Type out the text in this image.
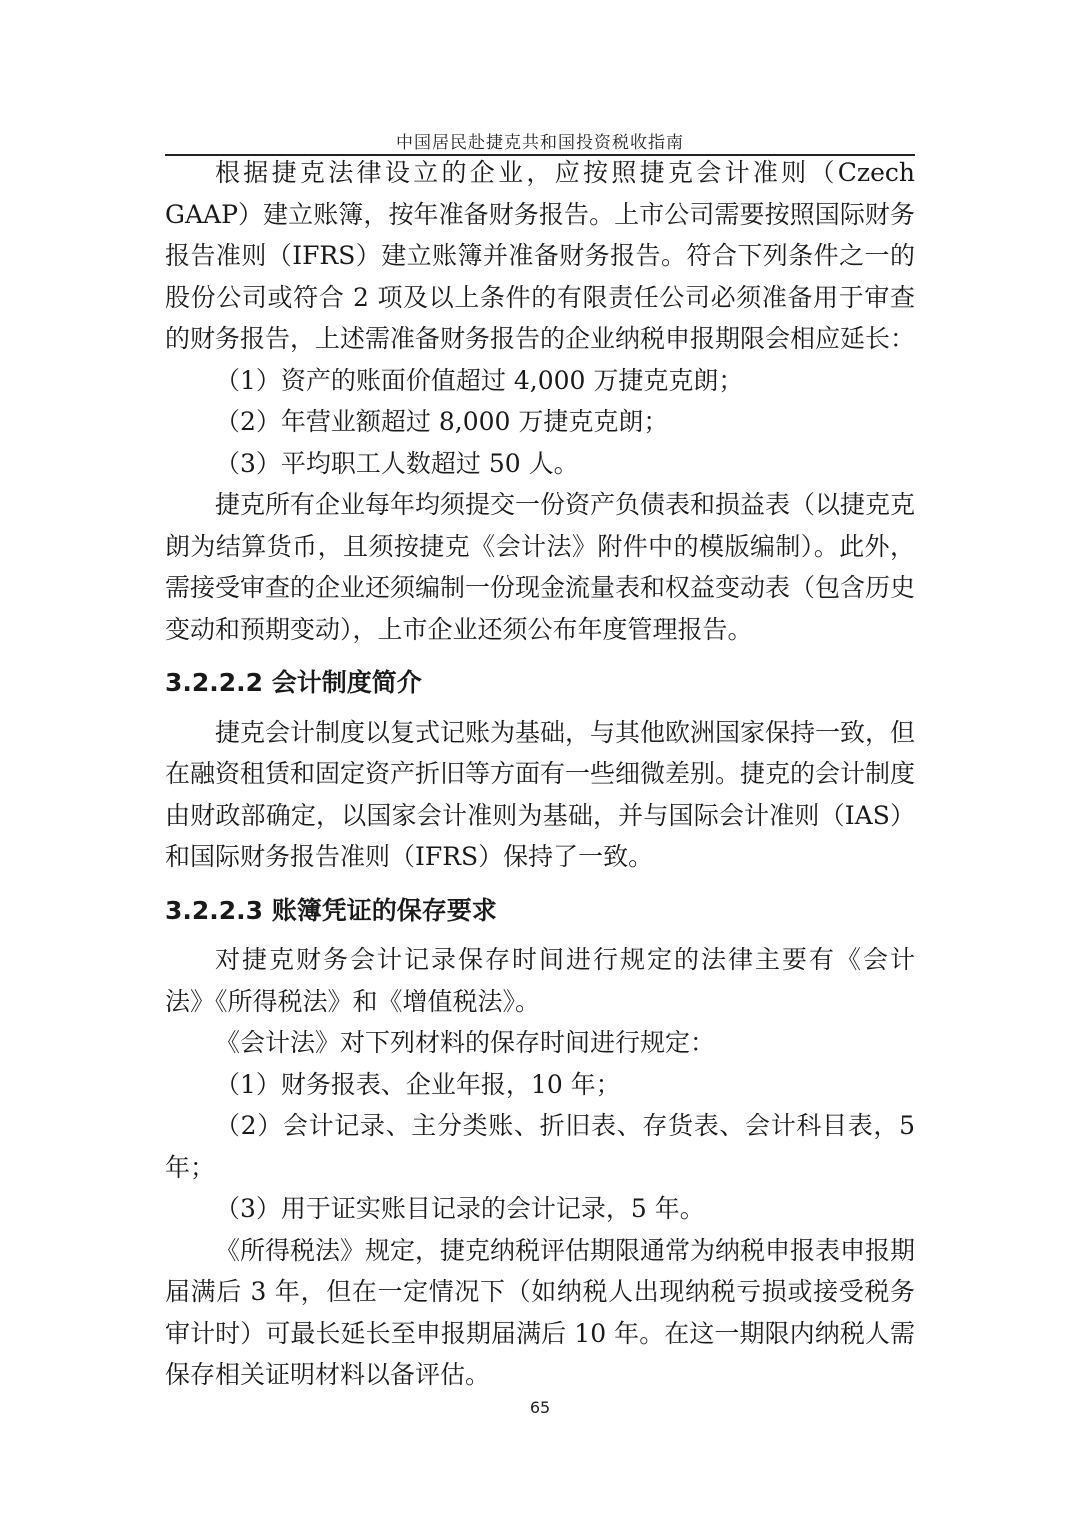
中国居民赴捷克共和国投资税收指南

根据捷克法律设立的企业，应按照捷克会计准则（Czech GAAP）建立账簿，按年准备财务报告。上市公司需要按照国际财务报告准则（IFRS）建立账簿并准备财务报告。符合下列条件之一的股份公司或符合 2 项及以上条件的有限责任公司必须准备用于审查的财务报告，上述需准备财务报告的企业纳税申报期限会相应延长：

（1）资产的账面价值超过 4,000 万捷克克朗；

（2）年营业额超过 8,000 万捷克克朗；

（3）平均职工人数超过 50 人。

捷克所有企业每年均须提交一份资产负债表和损益表（以捷克克朗为结算货币，且须按捷克《会计法》附件中的模版编制）。此外，需接受审查的企业还须编制一份现金流量表和权益变动表（包含历史变动和预期变动），上市企业还须公布年度管理报告。

3.2.2.2 会计制度简介

捷克会计制度以复式记账为基础，与其他欧洲国家保持一致，但在融资租赁和固定资产折旧等方面有一些细微差别。捷克的会计制度由财政部确定，以国家会计准则为基础，并与国际会计准则（IAS）和国际财务报告准则（IFRS）保持了一致。

3.2.2.3 账簿凭证的保存要求

对捷克财务会计记录保存时间进行规定的法律主要有《会计法》《所得税法》和《增值税法》。

《会计法》对下列材料的保存时间进行规定：

（1）财务报表、企业年报，10 年；

（2）会计记录、主分类账、折旧表、存货表、会计科目表，5 年；

（3）用于证实账目记录的会计记录，5 年。

《所得税法》规定，捷克纳税评估期限通常为纳税申报表申报期届满后 3 年，但在一定情况下（如纳税人出现纳税亏损或接受税务审计时）可最长延长至申报期届满后 10 年。在这一期限内纳税人需保存相关证明材料以备评估。

65
